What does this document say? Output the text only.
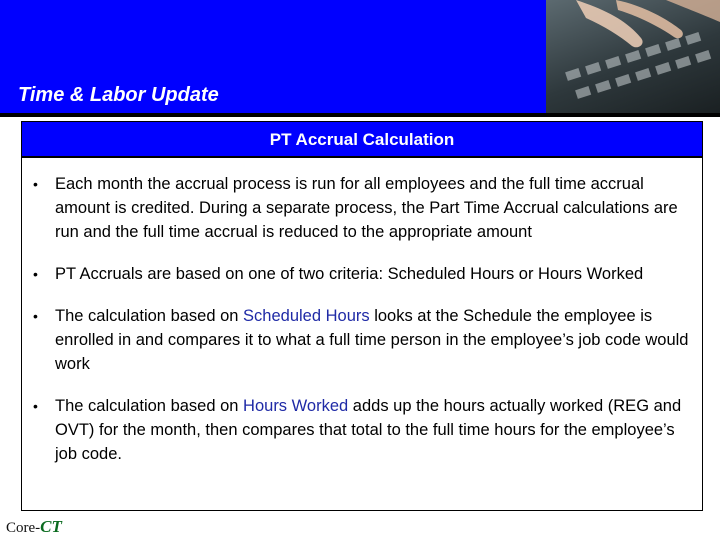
Time & Labor Update
PT Accrual Calculation
• Each month the accrual process is run for all employees and the full time accrual amount is credited. During a separate process, the Part Time Accrual calculations are run and the full time accrual is reduced to the appropriate amount
• PT Accruals are based on one of two criteria: Scheduled Hours or Hours Worked
• The calculation based on Scheduled Hours looks at the Schedule the employee is enrolled in and compares it to what a full time person in the employee’s job code would work
• The calculation based on Hours Worked adds up the hours actually worked (REG and OVT) for the month, then compares that total to the full time hours for the employee’s job code.
Core-CT
